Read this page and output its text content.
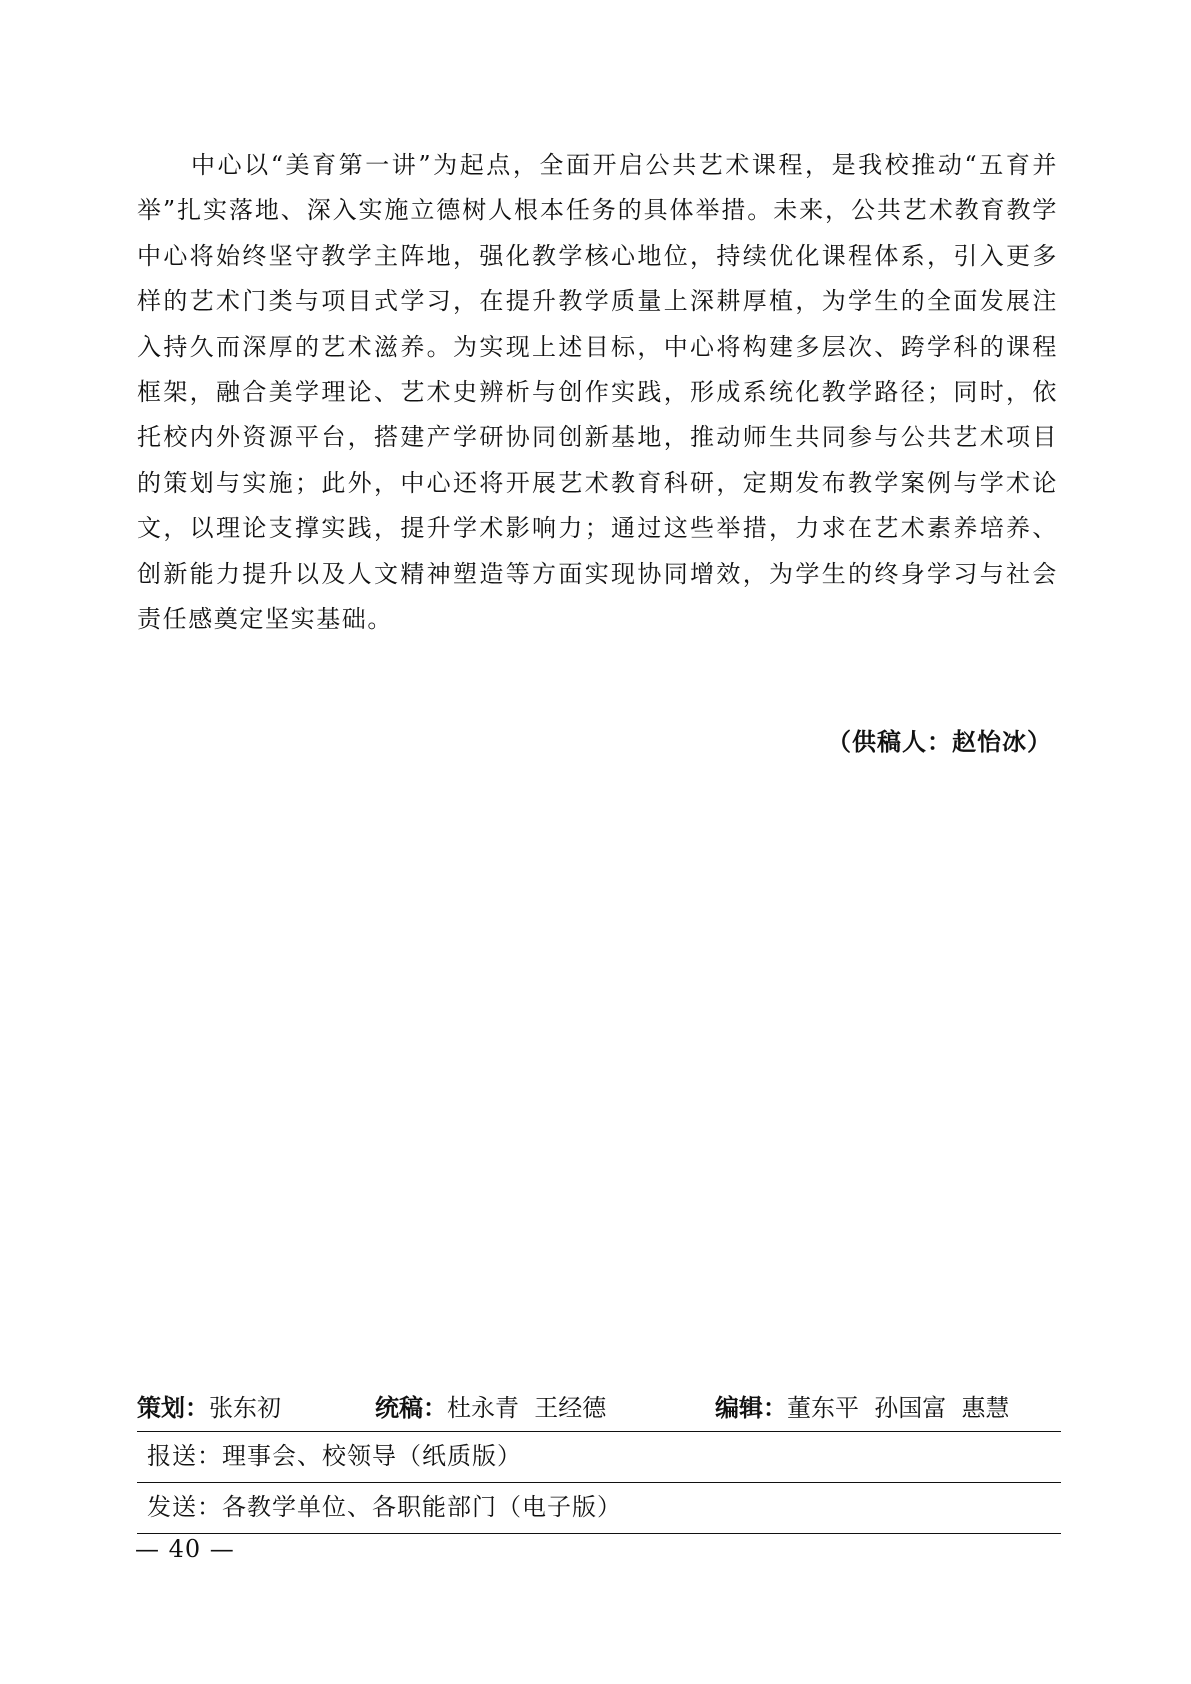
中心以“美育第一讲”为起点，全面开启公共艺术课程，是我校推动“五育并举”扎实落地、深入实施立德树人根本任务的具体举措。未来，公共艺术教育教学中心将始终坚守教学主阵地，强化教学核心地位，持续优化课程体系，引入更多样的艺术门类与项目式学习，在提升教学质量上深耕厚植，为学生的全面发展注入持久而深厚的艺术滋养。为实现上述目标，中心将构建多层次、跨学科的课程框架，融合美学理论、艺术史辨析与创作实践，形成系统化教学路径；同时，依托校内外资源平台，搭建产学研协同创新基地，推动师生共同参与公共艺术项目的策划与实施；此外，中心还将开展艺术教育科研，定期发布教学案例与学术论文，以理论支撑实践，提升学术影响力；通过这些举措，力求在艺术素养培养、创新能力提升以及人文精神塑造等方面实现协同增效，为学生的终身学习与社会责任感奠定坚实基础。

（供稿人：赵怡冰）
策划：张东初	统稿：杜永青  王经德	编辑：董东平  孙国富  惠慧
报送：理事会、校领导（纸质版）
发送：各教学单位、各职能部门（电子版）
— 40 —
